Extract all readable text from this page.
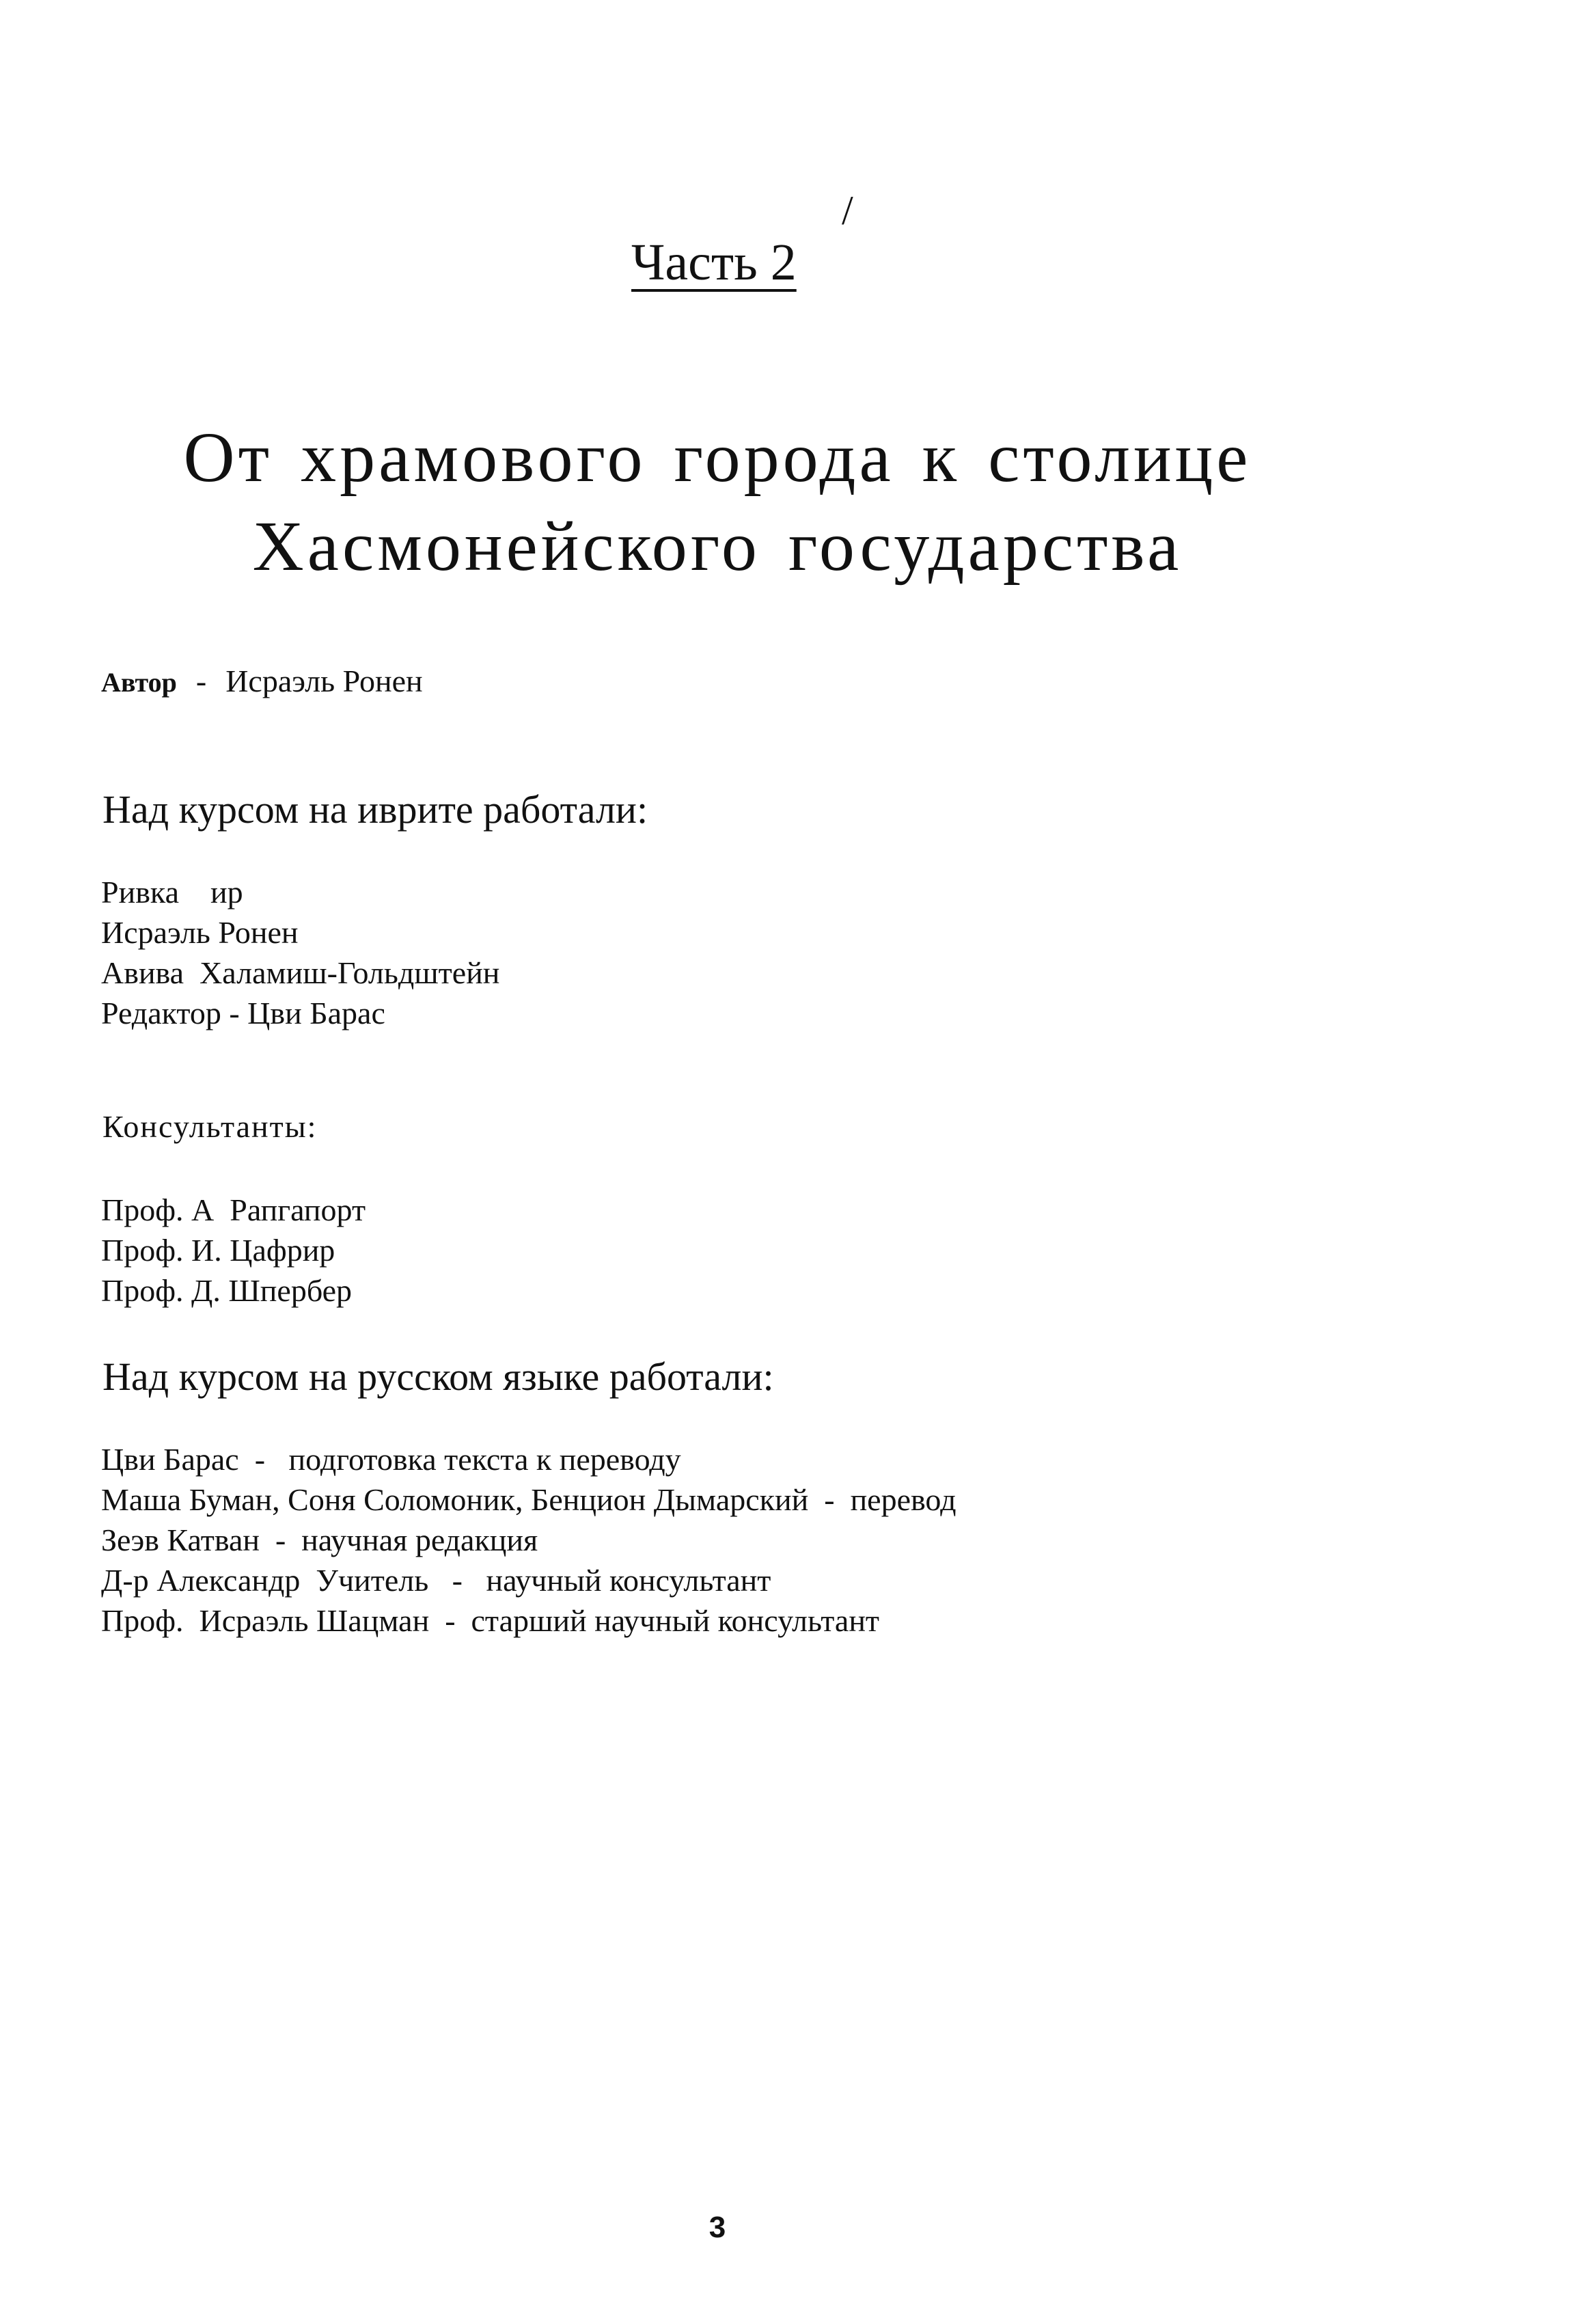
/
Часть 2
От храмового города к столице
Хасмонейского государства
Автор - Исраэль Ронен
Над курсом на иврите работали:
Ривка    ир
Исраэль Ронен
Авива  Халамиш-Гольдштейн
Редактор - Цви Барас
Консультанты:
Проф. А  Рапгапорт
Проф. И. Цафрир
Проф. Д. Шпербер
Над курсом на русском языке работали:
Цви Барас  -   подготовка текста к переводу
Маша Буман, Соня Соломоник, Бенцион Дымарский  -  перевод
Зеэв Катван  -  научная редакция
Д-р Александр  Учитель   -   научный консультант
Проф.  Исраэль Шацман  -  старший научный консультант
3
